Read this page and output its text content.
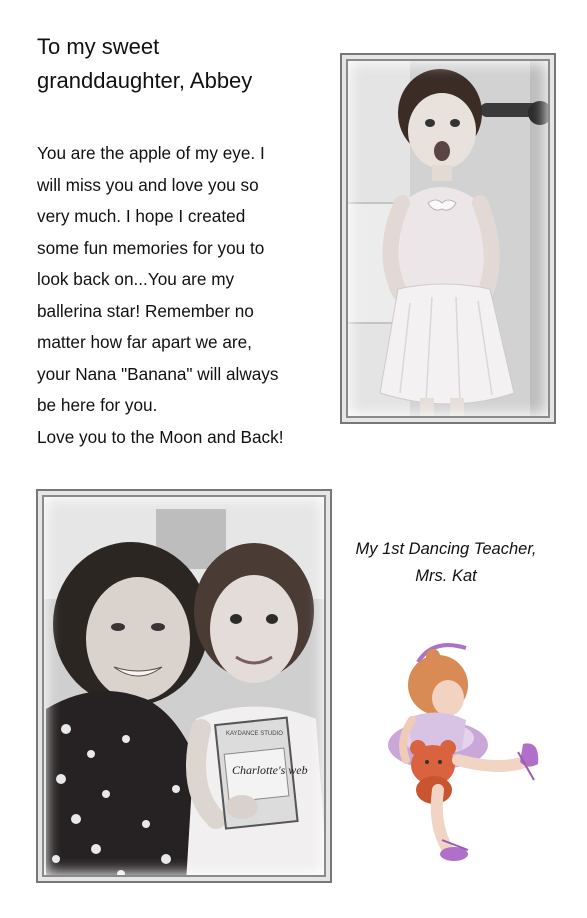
To my sweet
granddaughter, Abbey
You are the apple of my eye. I
will miss you and love you so
very much. I hope I created
some fun memories for you to
look back on...You are my
ballerina star! Remember no
matter how far apart we are,
your Nana "Banana" will always
be here for you.
Love you to the Moon and Back!
KAYDANCE STUDIO
Charlotte's web
My 1st Dancing Teacher,
Mrs. Kat
